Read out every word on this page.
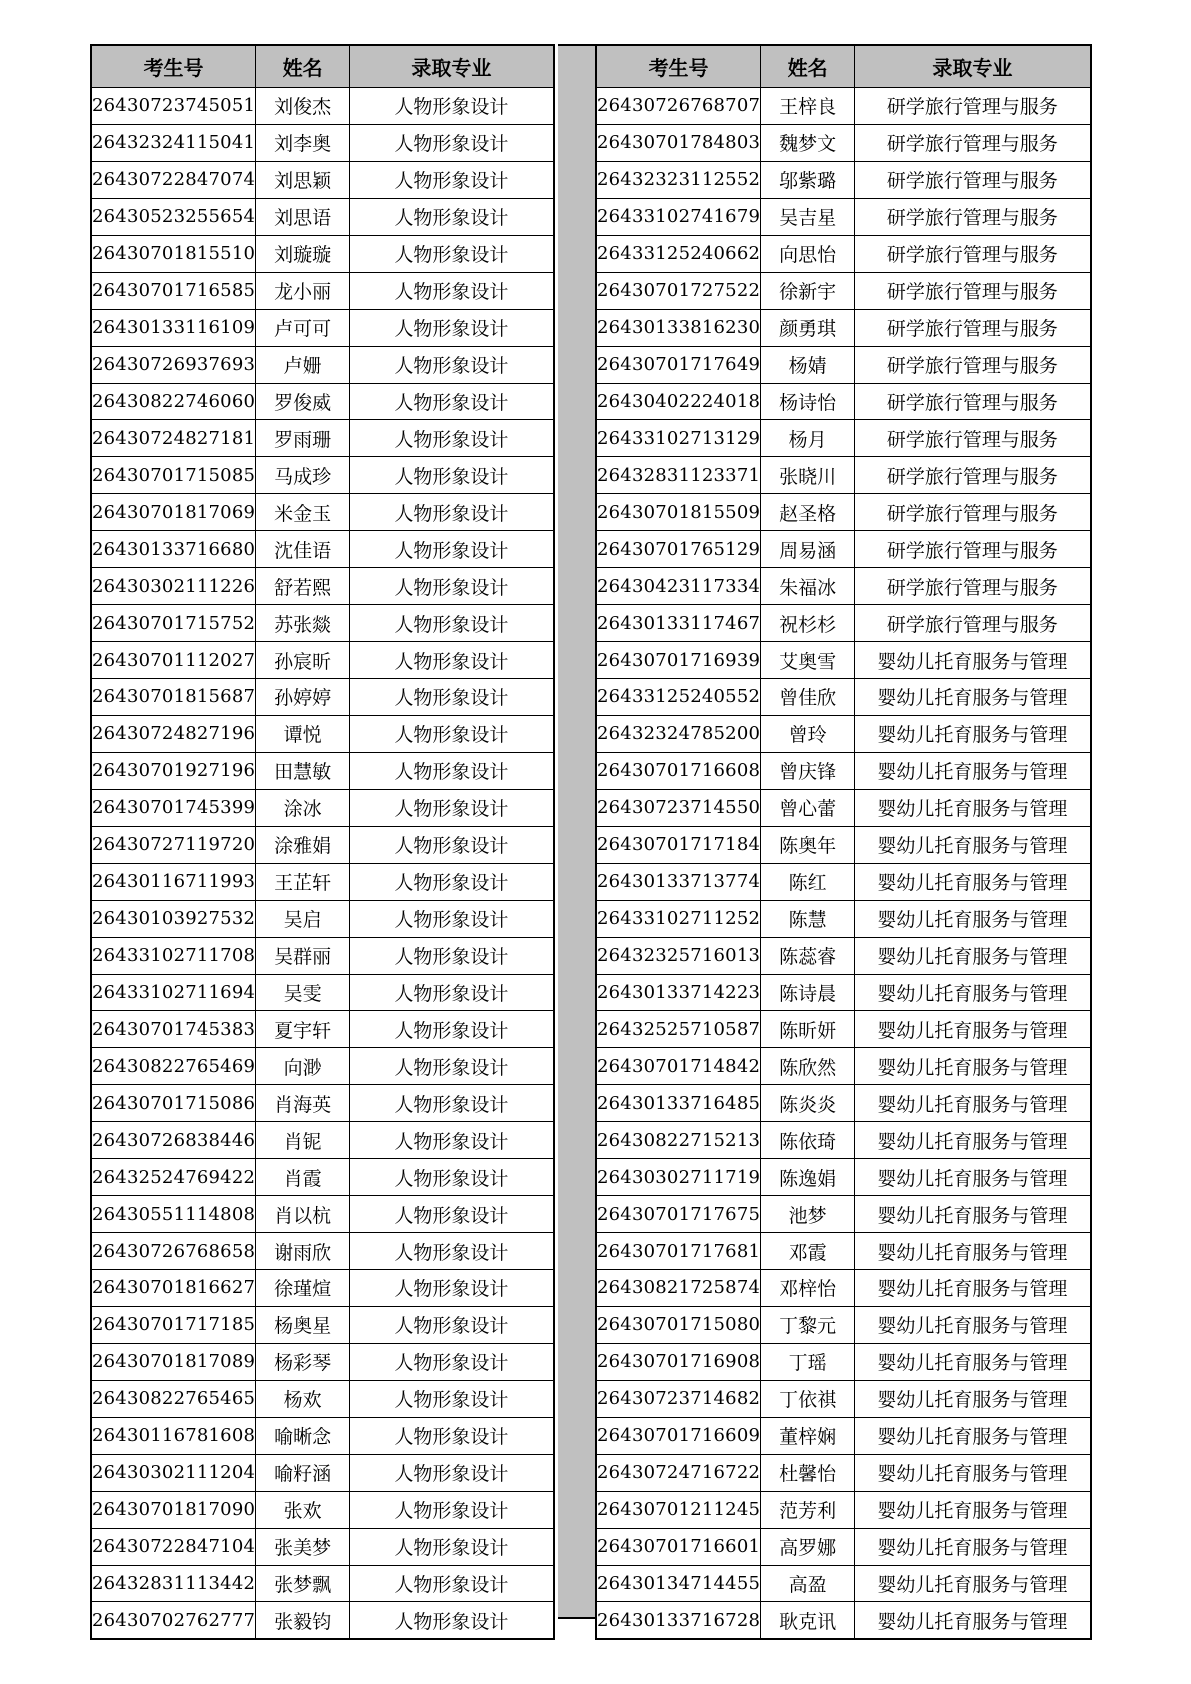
考生号	姓名	录取专业
26430723745051	刘俊杰	人物形象设计
26432324115041	刘李奥	人物形象设计
26430722847074	刘思颖	人物形象设计
26430523255654	刘思语	人物形象设计
26430701815510	刘璇璇	人物形象设计
26430701716585	龙小丽	人物形象设计
26430133116109	卢可可	人物形象设计
26430726937693	卢姗	人物形象设计
26430822746060	罗俊威	人物形象设计
26430724827181	罗雨珊	人物形象设计
26430701715085	马成珍	人物形象设计
26430701817069	米金玉	人物形象设计
26430133716680	沈佳语	人物形象设计
26430302111226	舒若熙	人物形象设计
26430701715752	苏张燚	人物形象设计
26430701112027	孙宸昕	人物形象设计
26430701815687	孙婷婷	人物形象设计
26430724827196	谭悦	人物形象设计
26430701927196	田慧敏	人物形象设计
26430701745399	涂冰	人物形象设计
26430727119720	涂雅娟	人物形象设计
26430116711993	王芷轩	人物形象设计
26430103927532	吴启	人物形象设计
26433102711708	吴群丽	人物形象设计
26433102711694	吴雯	人物形象设计
26430701745383	夏宇轩	人物形象设计
26430822765469	向渺	人物形象设计
26430701715086	肖海英	人物形象设计
26430726838446	肖铌	人物形象设计
26432524769422	肖霞	人物形象设计
26430551114808	肖以杭	人物形象设计
26430726768658	谢雨欣	人物形象设计
26430701816627	徐瑾煊	人物形象设计
26430701717185	杨奥星	人物形象设计
26430701817089	杨彩琴	人物形象设计
26430822765465	杨欢	人物形象设计
26430116781608	喻晰念	人物形象设计
26430302111204	喻籽涵	人物形象设计
26430701817090	张欢	人物形象设计
26430722847104	张美梦	人物形象设计
26432831113442	张梦飘	人物形象设计
26430702762777	张毅钧	人物形象设计
考生号	姓名	录取专业
26430726768707	王梓良	研学旅行管理与服务
26430701784803	魏梦文	研学旅行管理与服务
26432323112552	邬紫璐	研学旅行管理与服务
26433102741679	吴吉星	研学旅行管理与服务
26433125240662	向思怡	研学旅行管理与服务
26430701727522	徐新宇	研学旅行管理与服务
26430133816230	颜勇琪	研学旅行管理与服务
26430701717649	杨婧	研学旅行管理与服务
26430402224018	杨诗怡	研学旅行管理与服务
26433102713129	杨月	研学旅行管理与服务
26432831123371	张晓川	研学旅行管理与服务
26430701815509	赵圣格	研学旅行管理与服务
26430701765129	周易涵	研学旅行管理与服务
26430423117334	朱福冰	研学旅行管理与服务
26430133117467	祝杉杉	研学旅行管理与服务
26430701716939	艾奥雪	婴幼儿托育服务与管理
26433125240552	曾佳欣	婴幼儿托育服务与管理
26432324785200	曾玲	婴幼儿托育服务与管理
26430701716608	曾庆锋	婴幼儿托育服务与管理
26430723714550	曾心蕾	婴幼儿托育服务与管理
26430701717184	陈奥年	婴幼儿托育服务与管理
26430133713774	陈红	婴幼儿托育服务与管理
26433102711252	陈慧	婴幼儿托育服务与管理
26432325716013	陈蕊睿	婴幼儿托育服务与管理
26430133714223	陈诗晨	婴幼儿托育服务与管理
26432525710587	陈昕妍	婴幼儿托育服务与管理
26430701714842	陈欣然	婴幼儿托育服务与管理
26430133716485	陈炎炎	婴幼儿托育服务与管理
26430822715213	陈依琦	婴幼儿托育服务与管理
26430302711719	陈逸娟	婴幼儿托育服务与管理
26430701717675	池梦	婴幼儿托育服务与管理
26430701717681	邓霞	婴幼儿托育服务与管理
26430821725874	邓梓怡	婴幼儿托育服务与管理
26430701715080	丁黎元	婴幼儿托育服务与管理
26430701716908	丁瑶	婴幼儿托育服务与管理
26430723714682	丁依祺	婴幼儿托育服务与管理
26430701716609	董梓娴	婴幼儿托育服务与管理
26430724716722	杜馨怡	婴幼儿托育服务与管理
26430701211245	范芳利	婴幼儿托育服务与管理
26430701716601	高罗娜	婴幼儿托育服务与管理
26430134714455	高盈	婴幼儿托育服务与管理
26430133716728	耿克讯	婴幼儿托育服务与管理
